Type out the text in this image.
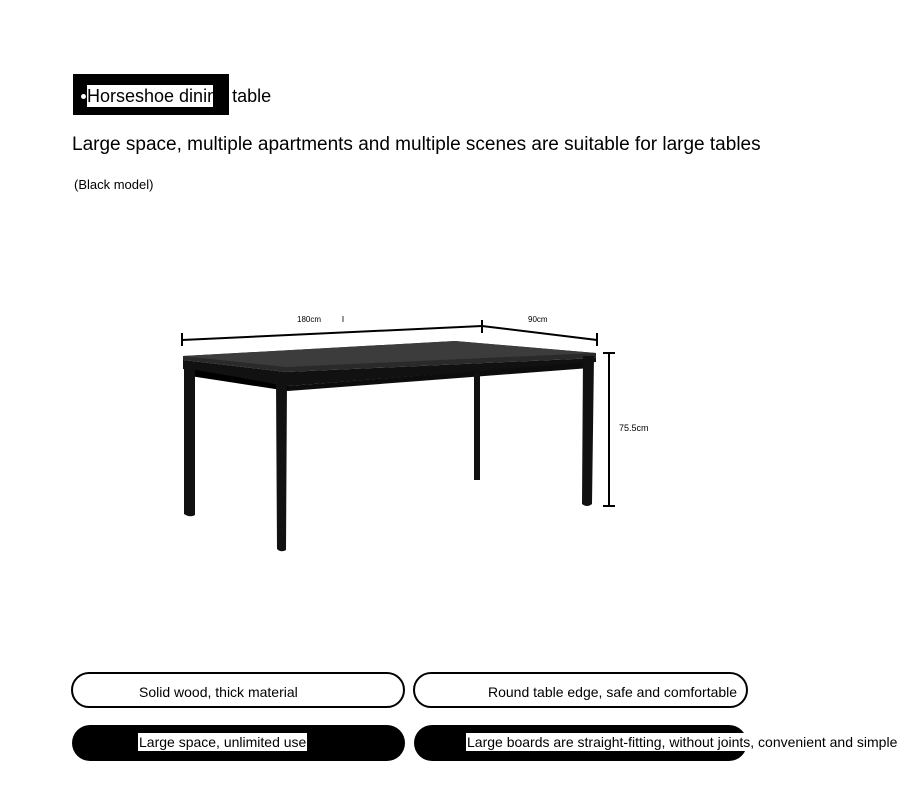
Horseshoe dining table
Large space, multiple apartments and multiple scenes are suitable for large tables
(Black model)
180cm	90cm
75.5cm
Solid wood, thick material	Round table edge, safe and comfortable
Large space, unlimited use	Large boards are straight-fitting, without joints, convenient and simple
